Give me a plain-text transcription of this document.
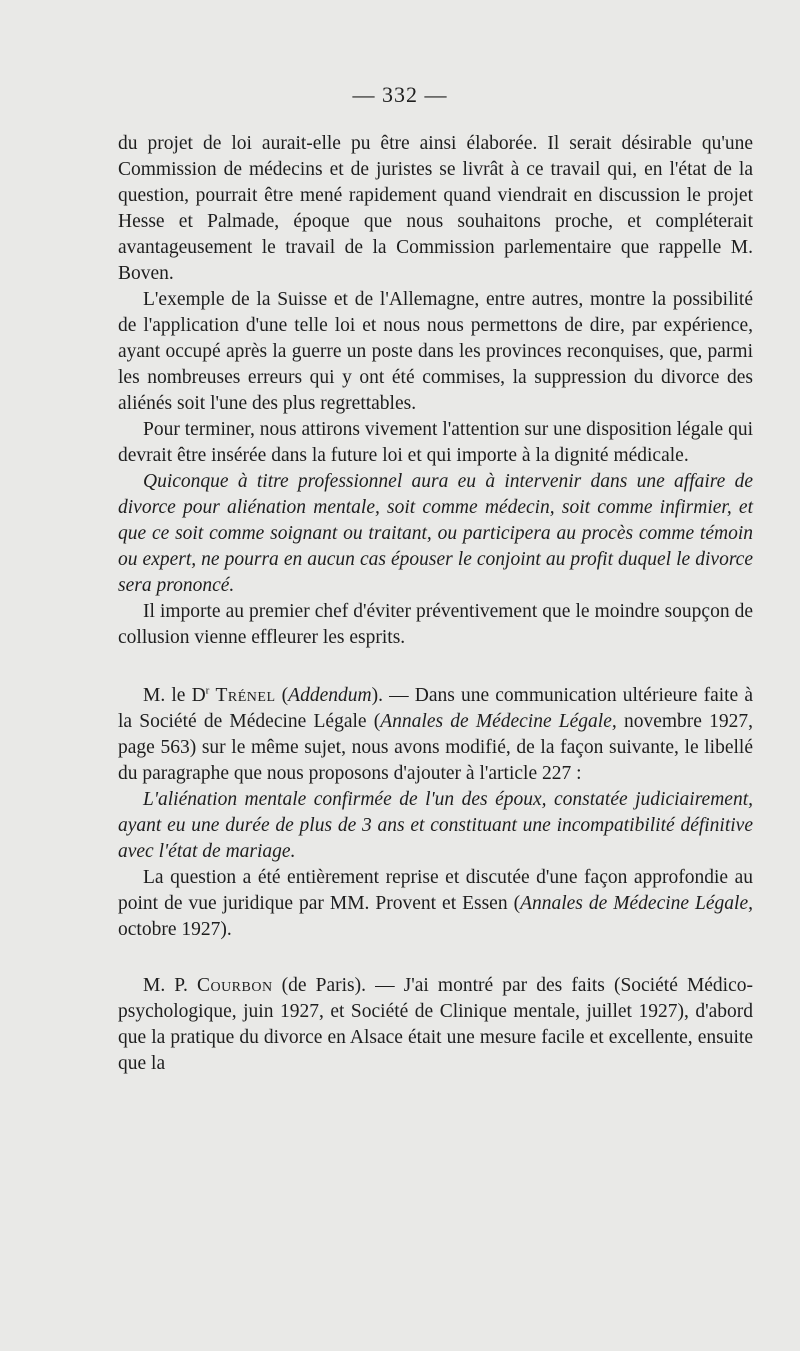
— 332 —

du projet de loi aurait-elle pu être ainsi élaborée. Il serait désirable qu'une Commission de médecins et de juristes se livrât à ce travail qui, en l'état de la question, pourrait être mené rapidement quand viendrait en discussion le projet Hesse et Palmade, époque que nous souhaitons proche, et compléterait avantageusement le travail de la Commission parlementaire que rappelle M. Boven.

L'exemple de la Suisse et de l'Allemagne, entre autres, montre la possibilité de l'application d'une telle loi et nous nous permettons de dire, par expérience, ayant occupé après la guerre un poste dans les provinces reconquises, que, parmi les nombreuses erreurs qui y ont été commises, la suppression du divorce des aliénés soit l'une des plus regrettables.

Pour terminer, nous attirons vivement l'attention sur une disposition légale qui devrait être insérée dans la future loi et qui importe à la dignité médicale.

Quiconque à titre professionnel aura eu à intervenir dans une affaire de divorce pour aliénation mentale, soit comme médecin, soit comme infirmier, et que ce soit comme soignant ou traitant, ou participera au procès comme témoin ou expert, ne pourra en aucun cas épouser le conjoint au profit duquel le divorce sera prononcé.

Il importe au premier chef d'éviter préventivement que le moindre soupçon de collusion vienne effleurer les esprits.

M. le $D^r$ Trénel (Addendum). — Dans une communication ultérieure faite à la Société de Médecine Légale (Annales de Médecine Légale, novembre 1927, page 563) sur le même sujet, nous avons modifié, de la façon suivante, le libellé du paragraphe que nous proposons d'ajouter à l'article 227 :

L'aliénation mentale confirmée de l'un des époux, constatée judiciairement, ayant eu une durée de plus de 3 ans et constituant une incompatibilité définitive avec l'état de mariage.

La question a été entièrement reprise et discutée d'une façon approfondie au point de vue juridique par MM. Provent et Essen (Annales de Médecine Légale, octobre 1927).

M. P. Courbon (de Paris). — J'ai montré par des faits (Société Médico-psychologique, juin 1927, et Société de Clinique mentale, juillet 1927), d'abord que la pratique du divorce en Alsace était une mesure facile et excellente, ensuite que la
